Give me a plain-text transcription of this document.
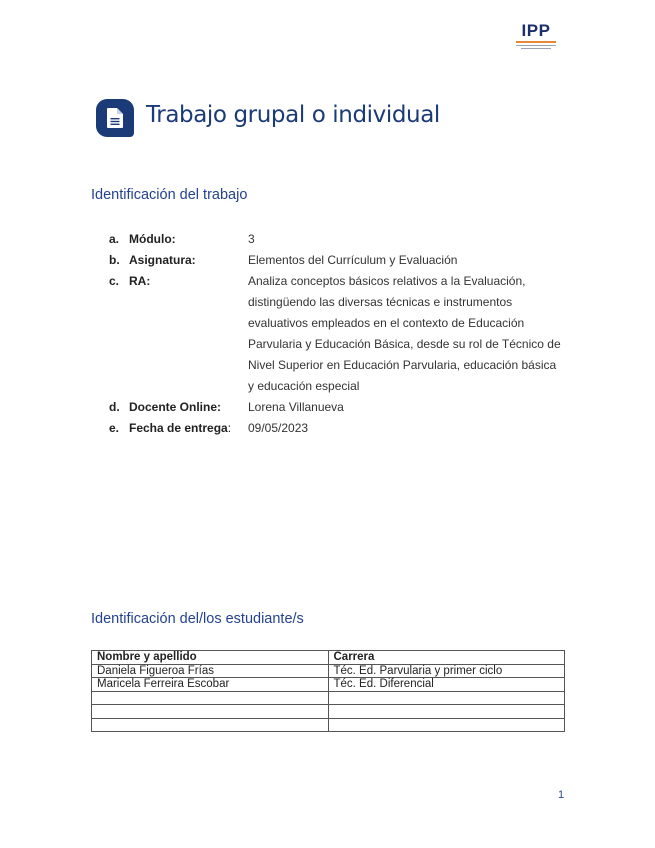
IPP
Trabajo grupal o individual
Identificación del trabajo
a. Módulo:	3
b. Asignatura:	Elementos del Currículum y Evaluación
c. RA:	Analiza conceptos básicos relativos a la Evaluación, distingüendo las diversas técnicas e instrumentos evaluativos empleados en el contexto de Educación Parvularia y Educación Básica, desde su rol de Técnico de Nivel Superior en Educación Parvularia, educación básica y educación especial
d. Docente Online:	Lorena Villanueva
e. Fecha de entrega:	09/05/2023
Identificación del/los estudiante/s
Nombre y apellido	Carrera
Daniela Figueroa Frías	Téc. Ed. Parvularia y primer ciclo
Maricela Ferreira Escobar	Téc. Ed. Diferencial

1
